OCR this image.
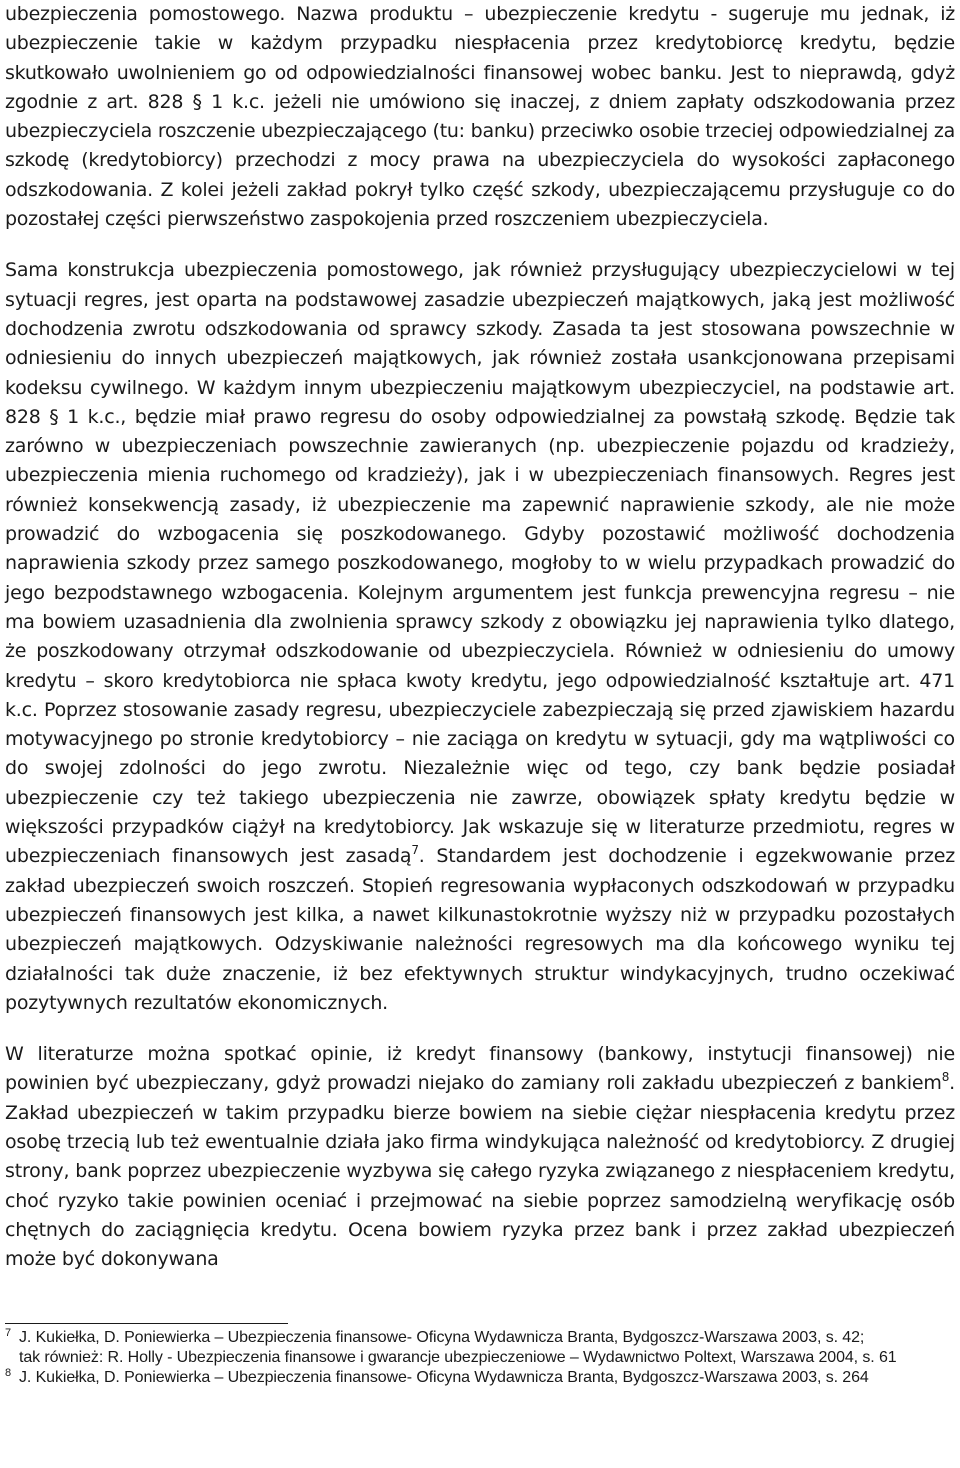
ubezpieczenia pomostowego. Nazwa produktu – ubezpieczenie kredytu - sugeruje mu jednak, iż ubezpieczenie takie w każdym przypadku niespłacenia przez kredytobiorcę kredytu, będzie skutkowało uwolnieniem go od odpowiedzialności finansowej wobec banku. Jest to nieprawdą, gdyż zgodnie z art. 828 § 1 k.c. jeżeli nie umówiono się inaczej, z dniem zapłaty odszkodowania przez ubezpieczyciela roszczenie ubezpieczającego (tu: banku) przeciwko osobie trzeciej odpowiedzialnej za szkodę (kredytobiorcy) przechodzi z mocy prawa na ubezpieczyciela do wysokości zapłaconego odszkodowania. Z kolei jeżeli zakład pokrył tylko część szkody, ubezpieczającemu przysługuje co do pozostałej części pierwszeństwo zaspokojenia przed roszczeniem ubezpieczyciela.

Sama konstrukcja ubezpieczenia pomostowego, jak również przysługujący ubezpieczycielowi w tej sytuacji regres, jest oparta na podstawowej zasadzie ubezpieczeń majątkowych, jaką jest możliwość dochodzenia zwrotu odszkodowania od sprawcy szkody. Zasada ta jest stosowana powszechnie w odniesieniu do innych ubezpieczeń majątkowych, jak również została usankcjonowana przepisami kodeksu cywilnego. W każdym innym ubezpieczeniu majątkowym ubezpieczyciel, na podstawie art. 828 § 1 k.c., będzie miał prawo regresu do osoby odpowiedzialnej za powstałą szkodę. Będzie tak zarówno w ubezpieczeniach powszechnie zawieranych (np. ubezpieczenie pojazdu od kradzieży, ubezpieczenia mienia ruchomego od kradzieży), jak i w ubezpieczeniach finansowych. Regres jest również konsekwencją zasady, iż ubezpieczenie ma zapewnić naprawienie szkody, ale nie może prowadzić do wzbogacenia się poszkodowanego. Gdyby pozostawić możliwość dochodzenia naprawienia szkody przez samego poszkodowanego, mogłoby to w wielu przypadkach prowadzić do jego bezpodstawnego wzbogacenia. Kolejnym argumentem jest funkcja prewencyjna regresu – nie ma bowiem uzasadnienia dla zwolnienia sprawcy szkody z obowiązku jej naprawienia tylko dlatego, że poszkodowany otrzymał odszkodowanie od ubezpieczyciela. Również w odniesieniu do umowy kredytu – skoro kredytobiorca nie spłaca kwoty kredytu, jego odpowiedzialność kształtuje art. 471 k.c. Poprzez stosowanie zasady regresu, ubezpieczyciele zabezpieczają się przed zjawiskiem hazardu motywacyjnego po stronie kredytobiorcy – nie zaciąga on kredytu w sytuacji, gdy ma wątpliwości co do swojej zdolności do jego zwrotu. Niezależnie więc od tego, czy bank będzie posiadał ubezpieczenie czy też takiego ubezpieczenia nie zawrze, obowiązek spłaty kredytu będzie w większości przypadków ciążył na kredytobiorcy. Jak wskazuje się w literaturze przedmiotu, regres w ubezpieczeniach finansowych jest zasadą$^7$. Standardem jest dochodzenie i egzekwowanie przez zakład ubezpieczeń swoich roszczeń. Stopień regresowania wypłaconych odszkodowań w przypadku ubezpieczeń finansowych jest kilka, a nawet kilkunastokrotnie wyższy niż w przypadku pozostałych ubezpieczeń majątkowych. Odzyskiwanie należności regresowych ma dla końcowego wyniku tej działalności tak duże znaczenie, iż bez efektywnych struktur windykacyjnych, trudno oczekiwać pozytywnych rezultatów ekonomicznych.

W literaturze można spotkać opinie, iż kredyt finansowy (bankowy, instytucji finansowej) nie powinien być ubezpieczany, gdyż prowadzi niejako do zamiany roli zakładu ubezpieczeń z bankiem$^8$. Zakład ubezpieczeń w takim przypadku bierze bowiem na siebie ciężar niespłacenia kredytu przez osobę trzecią lub też ewentualnie działa jako firma windykująca należność od kredytobiorcy. Z drugiej strony, bank poprzez ubezpieczenie wyzbywa się całego ryzyka związanego z niespłaceniem kredytu, choć ryzyko takie powinien oceniać i przejmować na siebie poprzez samodzielną weryfikację osób chętnych do zaciągnięcia kredytu. Ocena bowiem ryzyka przez bank i przez zakład ubezpieczeń może być dokonywana

$^7$ J. Kukiełka, D. Poniewierka – Ubezpieczenia finansowe- Oficyna Wydawnicza Branta, Bydgoszcz-Warszawa 2003, s. 42;

tak również: R. Holly - Ubezpieczenia finansowe i gwarancje ubezpieczeniowe – Wydawnictwo Poltext, Warszawa 2004, s. 61

$^8$ J. Kukiełka, D. Poniewierka – Ubezpieczenia finansowe- Oficyna Wydawnicza Branta, Bydgoszcz-Warszawa 2003, s. 264
